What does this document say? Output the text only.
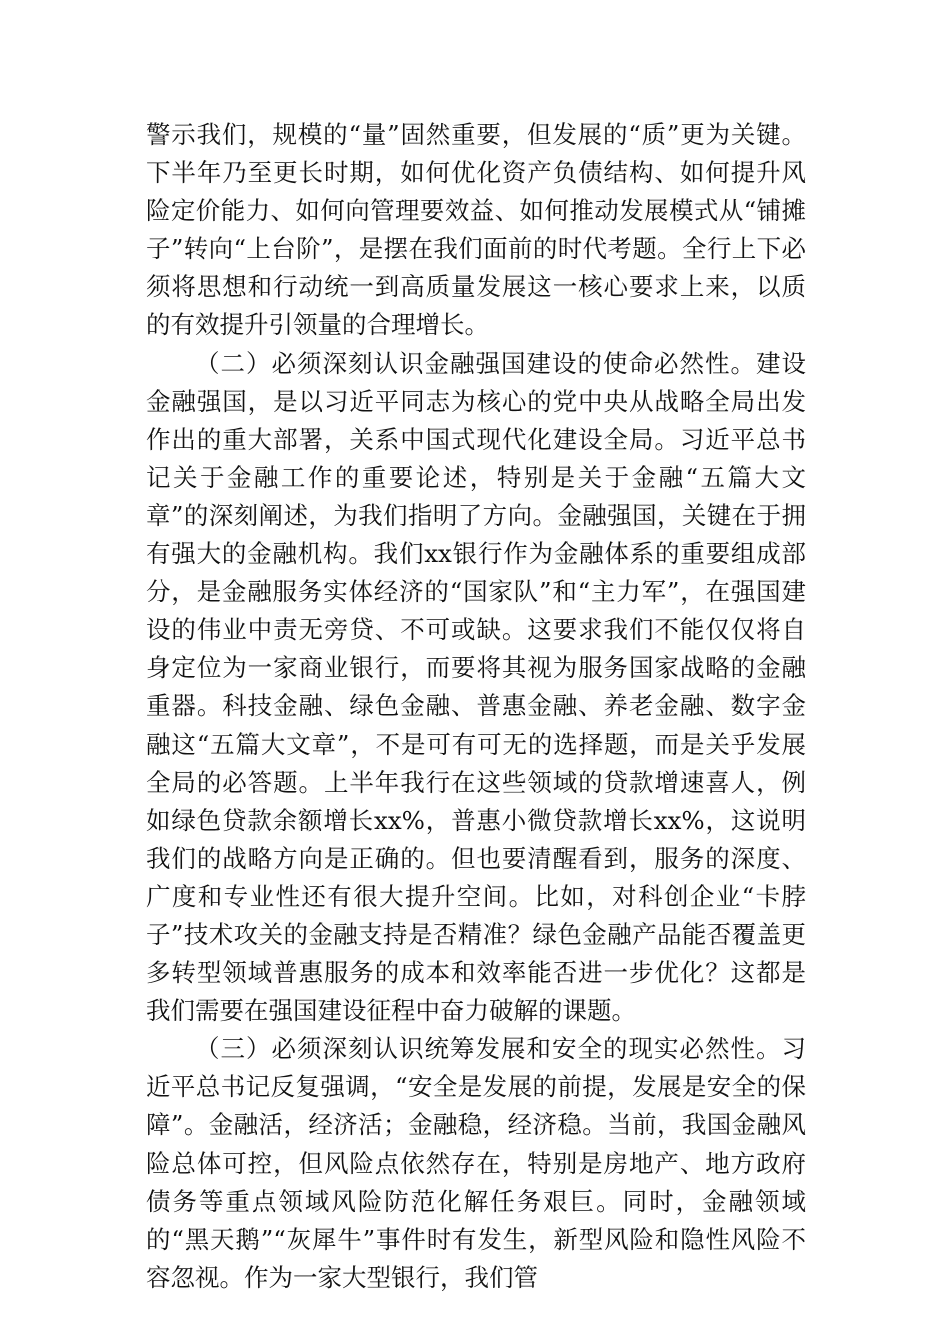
警示我们，规模的“量”固然重要，但发展的“质”更为关键。下半年乃至更长时期，如何优化资产负债结构、如何提升风险定价能力、如何向管理要效益、如何推动发展模式从“铺摊子”转向“上台阶”，是摆在我们面前的时代考题。全行上下必须将思想和行动统一到高质量发展这一核心要求上来，以质的有效提升引领量的合理增长。

（二）必须深刻认识金融强国建设的使命必然性。建设金融强国，是以习近平同志为核心的党中央从战略全局出发作出的重大部署，关系中国式现代化建设全局。习近平总书记关于金融工作的重要论述，特别是关于金融“五篇大文章”的深刻阐述，为我们指明了方向。金融强国，关键在于拥有强大的金融机构。我们xx银行作为金融体系的重要组成部分，是金融服务实体经济的“国家队”和“主力军”，在强国建设的伟业中责无旁贷、不可或缺。这要求我们不能仅仅将自身定位为一家商业银行，而要将其视为服务国家战略的金融重器。科技金融、绿色金融、普惠金融、养老金融、数字金融这“五篇大文章”，不是可有可无的选择题，而是关乎发展全局的必答题。上半年我行在这些领域的贷款增速喜人，例如绿色贷款余额增长xx%，普惠小微贷款增长xx%，这说明我们的战略方向是正确的。但也要清醒看到，服务的深度、广度和专业性还有很大提升空间。比如，对科创企业“卡脖子”技术攻关的金融支持是否精准？绿色金融产品能否覆盖更多转型领域普惠服务的成本和效率能否进一步优化？这都是我们需要在强国建设征程中奋力破解的课题。

（三）必须深刻认识统筹发展和安全的现实必然性。习近平总书记反复强调，“安全是发展的前提，发展是安全的保障”。金融活，经济活；金融稳，经济稳。当前，我国金融风险总体可控，但风险点依然存在，特别是房地产、地方政府债务等重点领域风险防范化解任务艰巨。同时，金融领域的“黑天鹅”“灰犀牛”事件时有发生，新型风险和隐性风险不容忽视。作为一家大型银行，我们管
